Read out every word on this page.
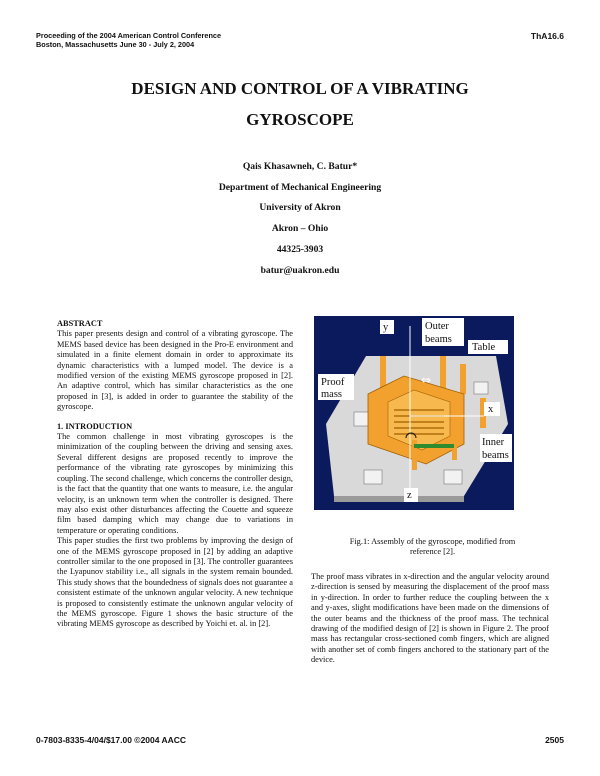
Proceeding of the 2004 American Control Conference
Boston, Massachusetts June 30 - July 2, 2004
ThA16.6
DESIGN AND CONTROL OF A VIBRATING
GYROSCOPE
Qais Khasawneh, C. Batur*
Department of Mechanical Engineering
University of Akron
Akron – Ohio
44325-3903
batur@uakron.edu
ABSTRACT

This paper presents design and control of a vibrating gyroscope. The MEMS based device has been designed in the Pro-E environment and simulated in a finite element domain in order to approximate its dynamic characteristics with a lumped model. The device is a modified version of the existing MEMS gyroscope proposed in [2]. An adaptive control, which has similar characteristics as the one proposed in [3], is added in order to guarantee the stability of the gyroscope.

1. INTRODUCTION

The common challenge in most vibrating gyroscopes is the minimization of the coupling between the driving and sensing axes. Several different designs are proposed recently to improve the performance of the vibrating rate gyroscopes by minimizing this coupling. The second challenge, which concerns the controller design, is the fact that the quantity that one wants to measure, i.e. the angular velocity, is an unknown term when the controller is designed. There may also exist other disturbances affecting the Couette and squeeze film based damping which may change due to variations in temperature or operating conditions.

This paper studies the first two problems by improving the design of one of the MEMS gyroscope proposed in [2] by adding an adaptive controller similar to the one proposed in [3]. The controller guarantees the Lyapunov stability i.e., all signals in the system remain bounded. This study shows that the boundedness of signals does not guarantee a consistent estimate of the unknown angular velocity. A new technique is proposed to consistently estimate the unknown angular velocity of the MEMS gyroscope. Figure 1 shows the basic structure of the vibrating MEMS gyroscope as described by Yoichi et. al. in [2].

y	Outer
beams
Table
Proof
mass
x
Inner
beams
z
⇔
Fig.1: Assembly of the gyroscope, modified from
reference [2].

The proof mass vibrates in x-direction and the angular velocity around z-direction is sensed by measuring the displacement of the proof mass in y-direction. In order to further reduce the coupling between the x and y-axes, slight modifications have been made on the dimensions of the outer beams and the thickness of the proof mass. The technical drawing of the modified design of [2] is shown in Figure 2. The proof mass has rectangular cross-sectioned comb fingers, which are aligned with another set of comb fingers anchored to the stationary part of the device.

0-7803-8335-4/04/$17.00 ©2004 AACC	2505
